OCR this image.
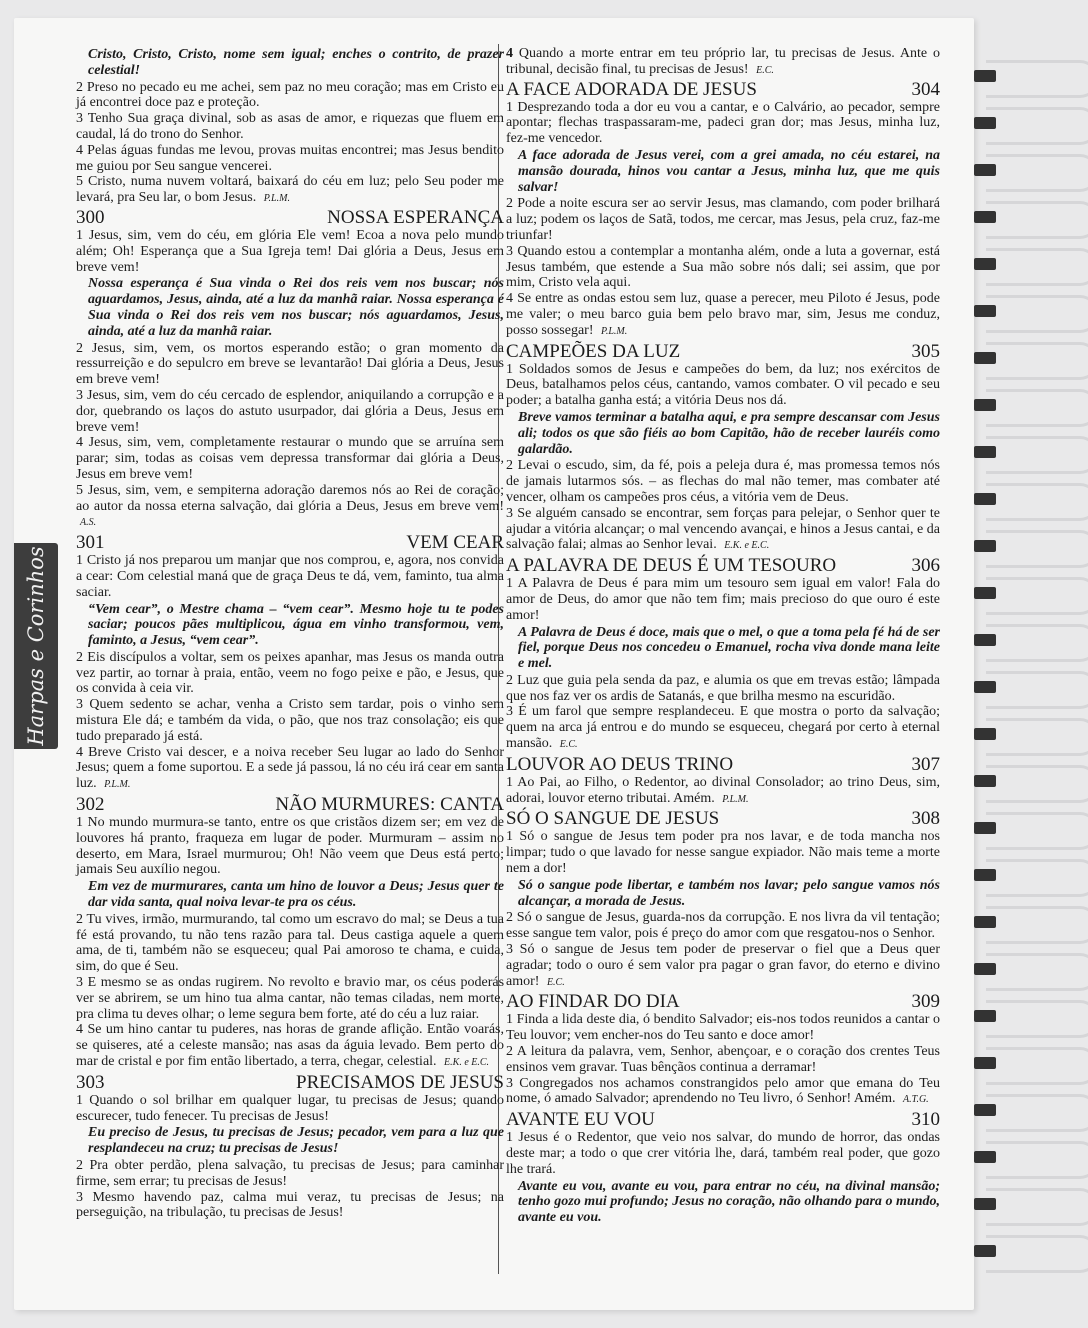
Harpas e Corinhos

Cristo, Cristo, Cristo, nome sem igual; enches o contrito, de prazer celestial!

2 Preso no pecado eu me achei, sem paz no meu coração; mas em Cristo eu já encontrei doce paz e proteção.

3 Tenho Sua graça divinal, sob as asas de amor, e riquezas que fluem em caudal, lá do trono do Senhor.

4 Pelas águas fundas me levou, provas muitas encontrei; mas Jesus bendito me guiou por Seu sangue vencerei.

5 Cristo, numa nuvem voltará, baixará do céu em luz; pelo Seu poder me levará, pra Seu lar, o bom Jesus. P.L.M.

300	NOSSA ESPERANÇA

1 Jesus, sim, vem do céu, em glória Ele vem! Ecoa a nova pelo mundo além; Oh! Esperança que a Sua Igreja tem! Dai glória a Deus, Jesus em breve vem!

Nossa esperança é Sua vinda o Rei dos reis vem nos buscar; nós aguardamos, Jesus, ainda, até a luz da manhã raiar. Nossa esperança é Sua vinda o Rei dos reis vem nos buscar; nós aguardamos, Jesus, ainda, até a luz da manhã raiar.

2 Jesus, sim, vem, os mortos esperando estão; o gran momento da ressurreição e do sepulcro em breve se levantarão! Dai glória a Deus, Jesus em breve vem!

3 Jesus, sim, vem do céu cercado de esplendor, aniquilando a corrupção e a dor, quebrando os laços do astuto usurpador, dai glória a Deus, Jesus em breve vem!

4 Jesus, sim, vem, completamente restaurar o mundo que se arruína sem parar; sim, todas as coisas vem depressa transformar dai glória a Deus, Jesus em breve vem!

5 Jesus, sim, vem, e sempiterna adoração daremos nós ao Rei de coração; ao autor da nossa eterna salvação, dai glória a Deus, Jesus em breve vem! A.S.

301	VEM CEAR

1 Cristo já nos preparou um manjar que nos comprou, e, agora, nos convida a cear: Com celestial maná que de graça Deus te dá, vem, faminto, tua alma saciar.

“Vem cear”, o Mestre chama – “vem cear”. Mesmo hoje tu te podes saciar; poucos pães multiplicou, água em vinho transformou, vem, faminto, a Jesus, “vem cear”.

2 Eis discípulos a voltar, sem os peixes apanhar, mas Jesus os manda outra vez partir, ao tornar à praia, então, veem no fogo peixe e pão, e Jesus, que os convida à ceia vir.

3 Quem sedento se achar, venha a Cristo sem tardar, pois o vinho sem mistura Ele dá; e também da vida, o pão, que nos traz consolação; eis que tudo preparado já está.

4 Breve Cristo vai descer, e a noiva receber Seu lugar ao lado do Senhor Jesus; quem a fome suportou. E a sede já passou, lá no céu irá cear em santa luz. P.L.M.

302	NÃO MURMURES: CANTA

1 No mundo murmura-se tanto, entre os que cristãos dizem ser; em vez de louvores há pranto, fraqueza em lugar de poder. Murmuram – assim no deserto, em Mara, Israel murmurou; Oh! Não veem que Deus está perto; jamais Seu auxílio negou.

Em vez de murmurares, canta um hino de louvor a Deus; Jesus quer te dar vida santa, qual noiva levar-te pra os céus.

2 Tu vives, irmão, murmurando, tal como um escravo do mal; se Deus a tua fé está provando, tu não tens razão para tal. Deus castiga aquele a quem ama, de ti, também não se esqueceu; qual Pai amoroso te chama, e cuida, sim, do que é Seu.

3 E mesmo se as ondas rugirem. No revolto e bravio mar, os céus poderás ver se abrirem, se um hino tua alma cantar, não temas ciladas, nem morte, pra clima tu deves olhar; o leme segura bem forte, até do céu a luz raiar.

4 Se um hino cantar tu puderes, nas horas de grande aflição. Então voarás, se quiseres, até a celeste mansão; nas asas da águia levado. Bem perto do mar de cristal e por fim então libertado, a terra, chegar, celestial. E.K. e E.C.

303	PRECISAMOS DE JESUS

1 Quando o sol brilhar em qualquer lugar, tu precisas de Jesus; quando escurecer, tudo fenecer. Tu precisas de Jesus!

Eu preciso de Jesus, tu precisas de Jesus; pecador, vem para a luz que resplandeceu na cruz; tu precisas de Jesus!

2 Pra obter perdão, plena salvação, tu precisas de Jesus; para caminhar firme, sem errar; tu precisas de Jesus!

3 Mesmo havendo paz, calma mui veraz, tu precisas de Jesus; na perseguição, na tribulação, tu precisas de Jesus!

4 Quando a morte entrar em teu próprio lar, tu precisas de Jesus. Ante o tribunal, decisão final, tu precisas de Jesus! E.C.

304
A FACE ADORADA DE JESUS

1 Desprezando toda a dor eu vou a cantar, e o Calvário, ao pecador, sempre apontar; flechas traspassaram-me, padeci gran dor; mas Jesus, minha luz, fez-me vencedor.

A face adorada de Jesus verei, com a grei amada, no céu estarei, na mansão dourada, hinos vou cantar a Jesus, minha luz, que me quis salvar!

2 Pode a noite escura ser ao servir Jesus, mas clamando, com poder brilhará a luz; podem os laços de Satã, todos, me cercar, mas Jesus, pela cruz, faz-me triunfar!

3 Quando estou a contemplar a montanha além, onde a luta a governar, está Jesus também, que estende a Sua mão sobre nós dali; sei assim, que por mim, Cristo vela aqui.

4 Se entre as ondas estou sem luz, quase a perecer, meu Piloto é Jesus, pode me valer; o meu barco guia bem pelo bravo mar, sim, Jesus me conduz, posso sossegar! P.L.M.

305
CAMPEÕES DA LUZ

1 Soldados somos de Jesus e campeões do bem, da luz; nos exércitos de Deus, batalhamos pelos céus, cantando, vamos combater. O vil pecado e seu poder; a batalha ganha está; a vitória Deus nos dá.

Breve vamos terminar a batalha aqui, e pra sempre descansar com Jesus ali; todos os que são fiéis ao bom Capitão, hão de receber lauréis como galardão.

2 Levai o escudo, sim, da fé, pois a peleja dura é, mas promessa temos nós de jamais lutarmos sós. – as flechas do mal não temer, mas combater até vencer, olham os campeões pros céus, a vitória vem de Deus.

3 Se alguém cansado se encontrar, sem forças para pelejar, o Senhor quer te ajudar a vitória alcançar; o mal vencendo avançai, e hinos a Jesus cantai, e da salvação falai; almas ao Senhor levai. E.K. e E.C.

306
A PALAVRA DE DEUS É UM TESOURO

1 A Palavra de Deus é para mim um tesouro sem igual em valor! Fala do amor de Deus, do amor que não tem fim; mais precioso do que ouro é este amor!

A Palavra de Deus é doce, mais que o mel, o que a toma pela fé há de ser fiel, porque Deus nos concedeu o Emanuel, rocha viva donde mana leite e mel.

2 Luz que guia pela senda da paz, e alumia os que em trevas estão; lâmpada que nos faz ver os ardis de Satanás, e que brilha mesmo na escuridão.

3 É um farol que sempre resplandeceu. E que mostra o porto da salvação; quem na arca já entrou e do mundo se esqueceu, chegará por certo à eternal mansão. E.C.

307
LOUVOR AO DEUS TRINO

1 Ao Pai, ao Filho, o Redentor, ao divinal Consolador; ao trino Deus, sim, adorai, louvor eterno tributai. Amém. P.L.M.

308
SÓ O SANGUE DE JESUS

1 Só o sangue de Jesus tem poder pra nos lavar, e de toda mancha nos limpar; tudo o que lavado for nesse sangue expiador. Não mais teme a morte nem a dor!

Só o sangue pode libertar, e também nos lavar; pelo sangue vamos nós alcançar, a morada de Jesus.

2 Só o sangue de Jesus, guarda-nos da corrupção. E nos livra da vil tentação; esse sangue tem valor, pois é preço do amor com que resgatou-nos o Senhor.

3 Só o sangue de Jesus tem poder de preservar o fiel que a Deus quer agradar; todo o ouro é sem valor pra pagar o gran favor, do eterno e divino amor! E.C.

309
AO FINDAR DO DIA

1 Finda a lida deste dia, ó bendito Salvador; eis-nos todos reunidos a cantar o Teu louvor; vem encher-nos do Teu santo e doce amor!

2 A leitura da palavra, vem, Senhor, abençoar, e o coração dos crentes Teus ensinos vem gravar. Tuas bênçãos continua a derramar!

3 Congregados nos achamos constrangidos pelo amor que emana do Teu nome, ó amado Salvador; aprendendo no Teu livro, ó Senhor! Amém. A.T.G.

310
AVANTE EU VOU

1 Jesus é o Redentor, que veio nos salvar, do mundo de horror, das ondas deste mar; a todo o que crer vitória lhe, dará, também real poder, que gozo lhe trará.

Avante eu vou, avante eu vou, para entrar no céu, na divinal mansão; tenho gozo mui profundo; Jesus no coração, não olhando para o mundo, avante eu vou.
